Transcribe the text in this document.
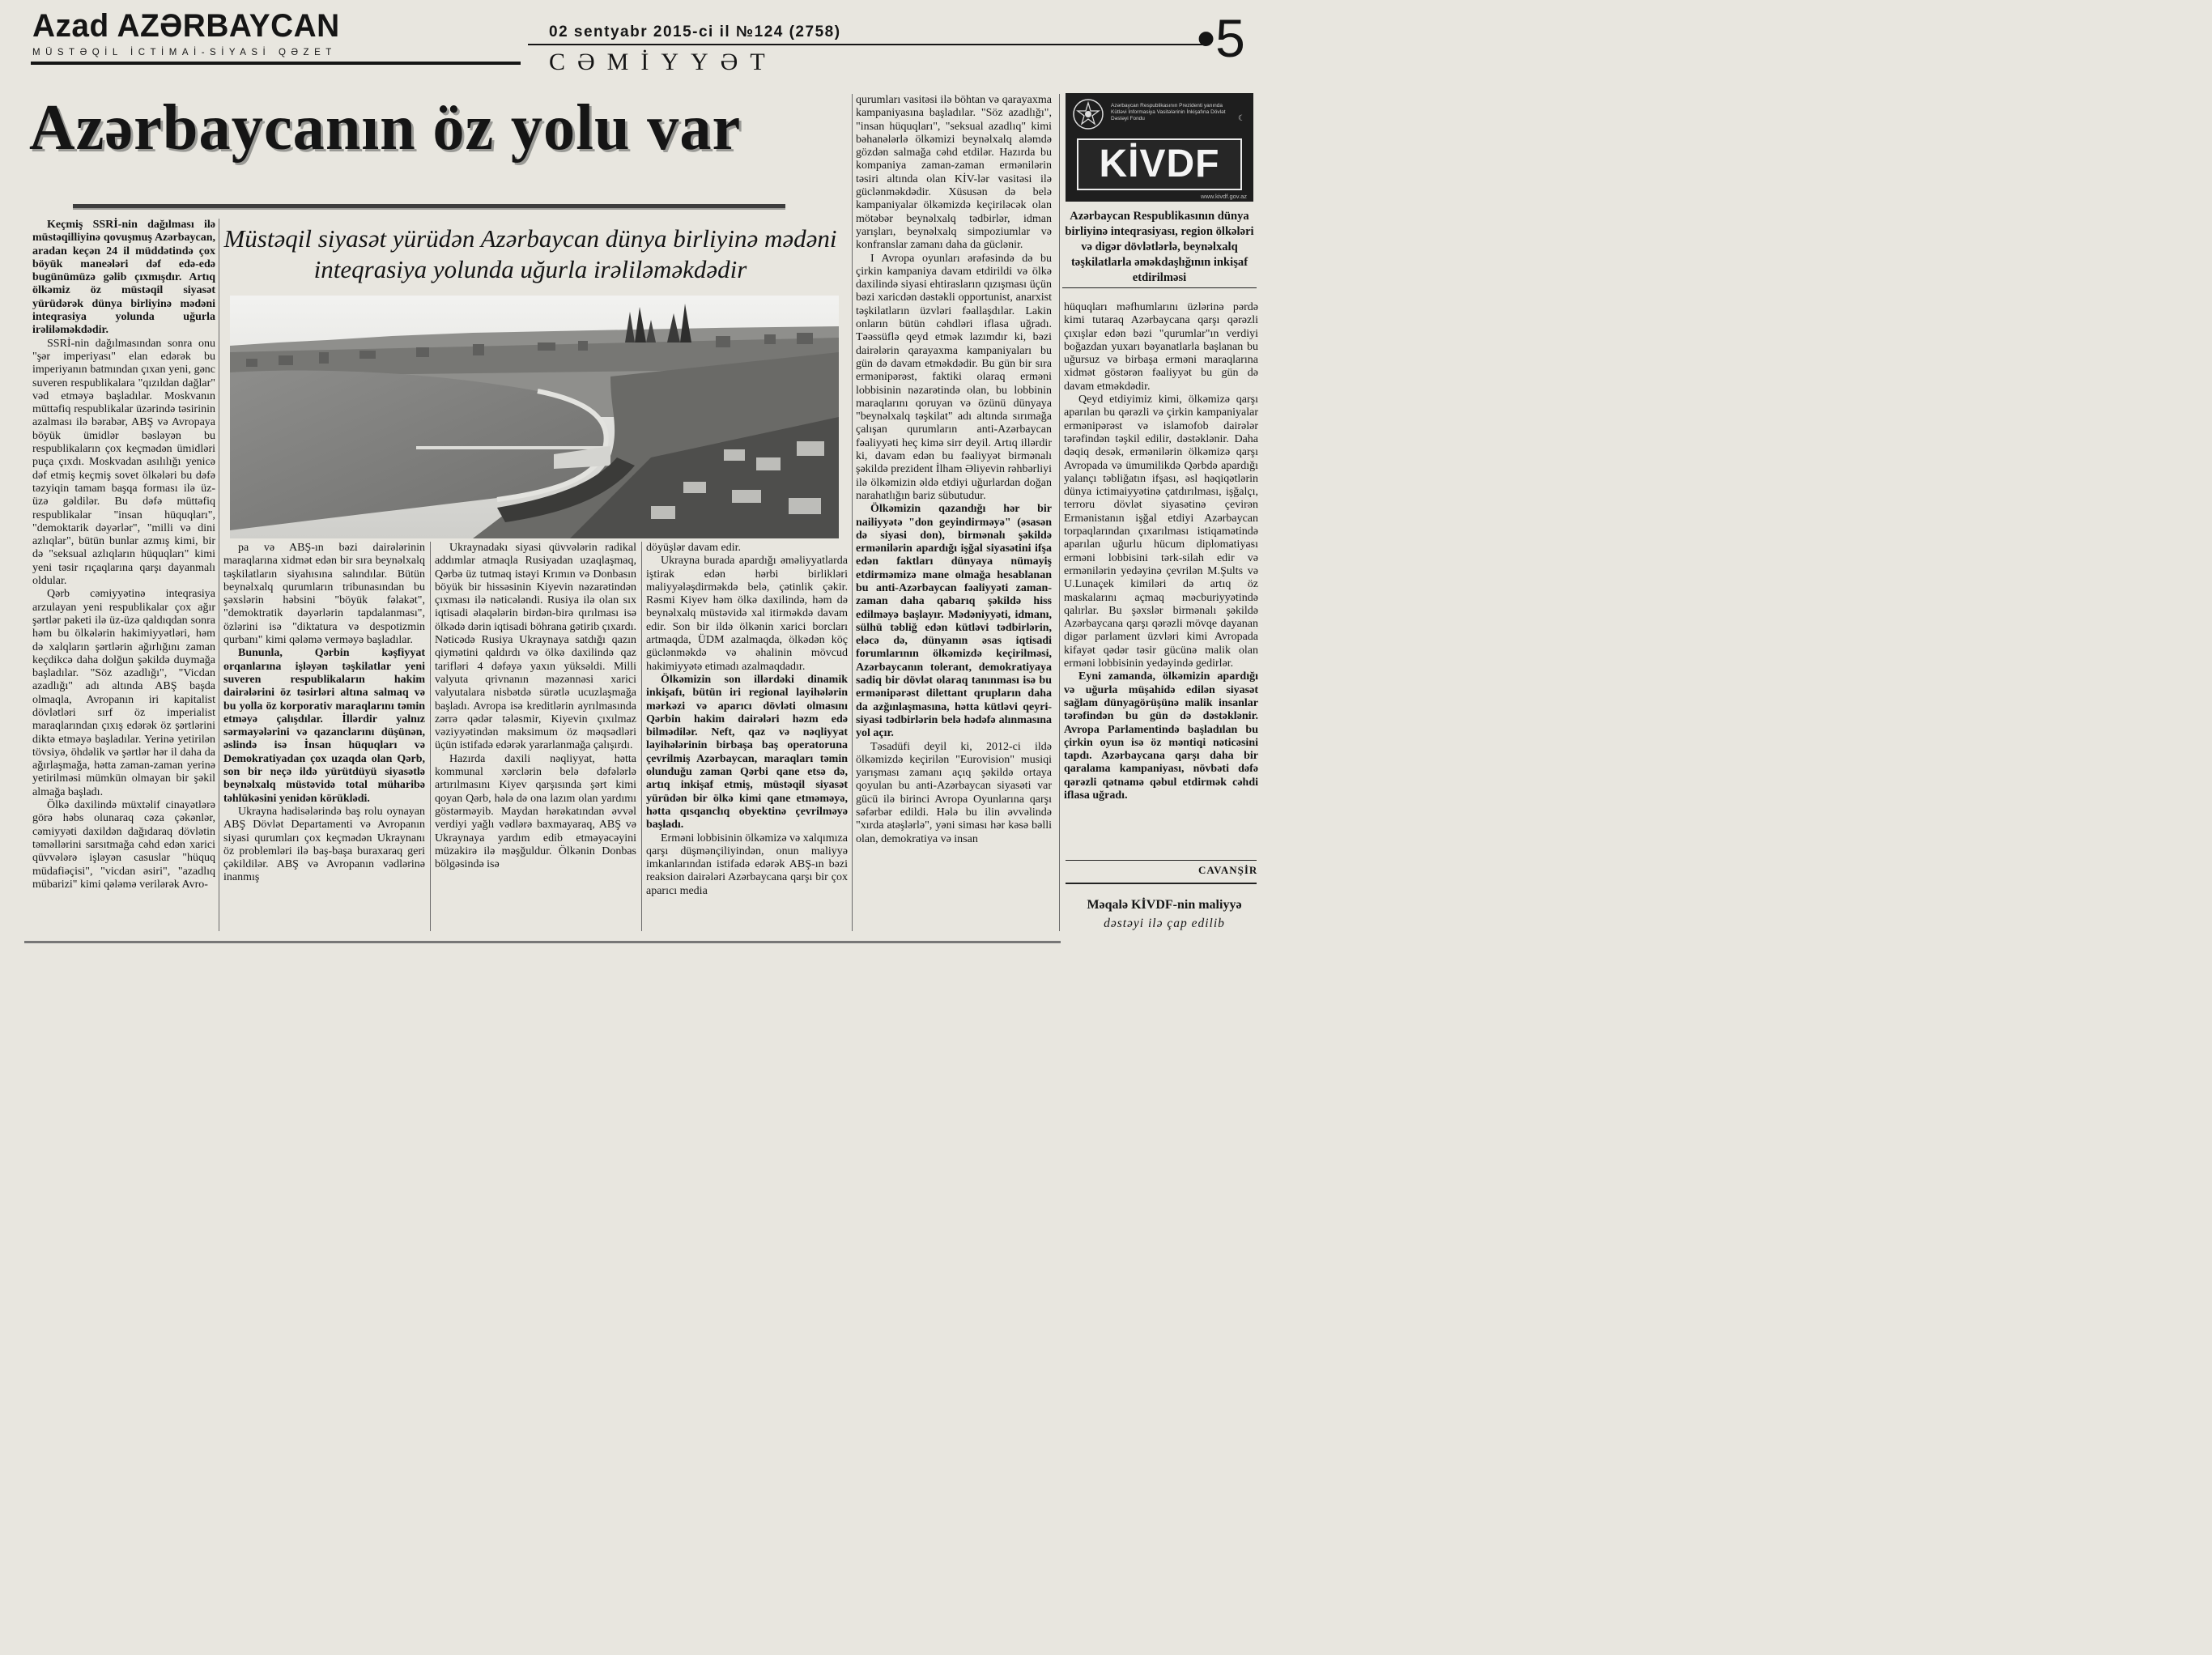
Azad AZƏRBAYCAN
MÜSTƏQİL İCTİMAİ-SİYASİ QƏZET
02 sentyabr 2015-ci il №124 (2758)
CƏMİYYƏT	•5
Azərbaycanın öz yolu var
Müstəqil siyasət yürüdən Azərbaycan dünya birliyinə mədəni inteqrasiya yolunda uğurla irəliləməkdədir

Keçmiş SSRİ-nin dağılması ilə müstəqilliyinə qovuşmuş Azərbaycan, aradan keçən 24 il müddətində çox böyük maneələri dəf edə-edə bugünümüzə gəlib çıxmışdır. Artıq ölkəmiz öz müstəqil siyasət yürüdərək dünya birliyinə mədəni inteqrasiya yolunda uğurla irəliləməkdədir.

SSRİ-nin dağılmasından sonra onu "şər imperiyası" elan edərək bu imperiyanın batmından çıxan yeni, gənc suveren respublikalara "qızıldan dağlar" vəd etməyə başladılar. Moskvanın müttəfiq respublikalar üzərində təsirinin azalması ilə bərabər, ABŞ və Avropaya böyük ümidlər bəsləyən bu respublikaların çox keçmədən ümidləri puça çıxdı. Moskvadan asılılığı yenicə dəf etmiş keçmiş sovet ölkələri bu dəfə təzyiqin tamam başqa forması ilə üz-üzə gəldilər. Bu dəfə müttəfiq respublikalar "insan hüquqları", "demoktarik dəyərlər", "milli və dini azlıqlar", bütün bunlar azmış kimi, bir də "seksual azlıqların hüquqları" kimi yeni təsir rıçaqlarına qarşı dayanmalı oldular.

Qərb cəmiyyətinə inteqrasiya arzulayan yeni respublikalar çox ağır şərtlər paketi ilə üz-üzə qaldıqdan sonra həm bu ölkələrin hakimiyyətləri, həm də xalqların şərtlərin ağırlığını zaman keçdikcə daha dolğun şəkildə duymağa başladılar. "Söz azadlığı", "Vicdan azadlığı" adı altında ABŞ başda olmaqla, Avropanın iri kapitalist dövlətləri sırf öz imperialist maraqlarından çıxış edərək öz şərtlərini diktə etməyə başladılar. Yerinə yetirilən tövsiyə, öhdəlik və şərtlər hər il daha da ağırlaşmağa, hətta zaman-zaman yerinə yetirilməsi mümkün olmayan bir şəkil almağa başladı.

Ölkə daxilində müxtəlif cinayətlərə görə həbs olunaraq cəza çəkənlər, cəmiyyəti daxildən dağıdaraq dövlətin təməllərini sarsıtmağa cəhd edən xarici qüvvələrə işləyən casuslar "hüquq müdafiəçisi", "vicdan əsiri", "azadlıq mübarizi" kimi qələmə verilərək Avro-

pa və ABŞ-ın bəzi dairələrinin maraqlarına xidmət edən bir sıra beynəlxalq təşkilatların siyahısına salındılar. Bütün beynəlxalq qurumların tribunasından bu şəxslərin həbsini "böyük fəlakət", "demoktratik dəyərlərin tapdalanması", özlərini isə "diktatura və despotizmin qurbanı" kimi qələmə verməyə başladılar.

Bununla, Qərbin kəşfiyyat orqanlarına işləyən təşkilatlar yeni suveren respublikaların hakim dairələrini öz təsirləri altına salmaq və bu yolla öz korporativ maraqlarını təmin etməyə çalışdılar. İllərdir yalnız sərmayələrini və qazanclarını düşünən, əslində isə İnsan hüquqları və Demokratiyadan çox uzaqda olan Qərb, son bir neçə ildə yürütdüyü siyasətlə beynəlxalq müstəvidə total müharibə təhlükəsini yenidən körüklədi.

Ukrayna hadisələrində baş rolu oynayan ABŞ Dövlət Departamenti və Avropanın siyasi qurumları çox keçmədən Ukraynanı öz problemləri ilə baş-başa buraxaraq geri çəkildilər. ABŞ və Avropanın vədlərinə inanmış

Ukraynadakı siyasi qüvvələrin radikal addımlar atmaqla Rusiyadan uzaqlaşmaq, Qərbə üz tutmaq istəyi Krımın və Donbasın böyük bir hissəsinin Kiyevin nəzarətindən çıxması ilə nəticələndi. Rusiya ilə olan sıx iqtisadi əlaqələrin birdən-birə qırılması isə ölkədə dərin iqtisadi böhrana gətirib çıxardı. Nəticədə Rusiya Ukraynaya satdığı qazın qiymətini qaldırdı və ölkə daxilində qaz tarifləri 4 dəfəyə yaxın yüksəldi. Milli valyuta qrivnanın məzənnəsi xarici valyutalara nisbətdə sürətlə ucuzlaşmağa başladı. Avropa isə kreditlərin ayrılmasında zərrə qədər tələsmir, Kiyevin çıxılmaz vəziyyətindən maksimum öz məqsədləri üçün istifadə edərək yararlanmağa çalışırdı.

Hazırda daxili nəqliyyat, hətta kommunal xərclərin belə dəfələrlə artırılmasını Kiyev qarşısında şərt kimi qoyan Qərb, hələ də ona lazım olan yardımı göstərməyib. Maydan hərəkatından əvvəl verdiyi yağlı vədlərə baxmayaraq, ABŞ və Ukraynaya yardım edib etməyəcəyini müzakirə ilə məşğuldur. Ölkənin Donbas bölgəsində isə

döyüşlər davam edir.

Ukrayna burada apardığı əməliyyatlarda iştirak edən hərbi birlikləri maliyyələşdirməkdə belə, çətinlik çəkir. Rəsmi Kiyev həm ölkə daxilində, həm də beynəlxalq müstəvidə xal itirməkdə davam edir. Son bir ildə ölkənin xarici borcları artmaqda, ÜDM azalmaqda, ölkədən köç güclənməkdə və əhalinin mövcud hakimiyyətə etimadı azalmaqdadır.

Ölkəmizin son illərdəki dinamik inkişafı, bütün iri regional layihələrin mərkəzi və aparıcı dövləti olmasını Qərbin hakim dairələri həzm edə bilmədilər. Neft, qaz və nəqliyyat layihələrinin birbaşa baş operatoruna çevrilmiş Azərbaycan, maraqları təmin olunduğu zaman Qərbi qane etsə də, artıq inkişaf etmiş, müstəqil siyasət yürüdən bir ölkə kimi qane etməməyə, hətta qısqanclıq obyektinə çevrilməyə başladı.

Erməni lobbisinin ölkəmizə və xalqımıza qarşı düşmənçiliyindən, onun maliyyə imkanlarından istifadə edərək ABŞ-ın bəzi reaksion dairələri Azərbaycana qarşı bir çox aparıcı media

qurumları vasitəsi ilə böhtan və qarayaxma kampaniyasına başladılar. "Söz azadlığı", "insan hüquqları", "seksual azadlıq" kimi bəhanələrlə ölkəmizi beynəlxalq aləmdə gözdən salmağa cəhd etdilər. Hazırda bu kompaniya zaman-zaman ermənilərin təsiri altında olan KİV-lər vasitəsi ilə güclənməkdədir. Xüsusən də belə kampaniyalar ölkəmizdə keçiriləcək olan mötəbər beynəlxalq tədbirlər, idman yarışları, beynəlxalq simpoziumlar və konfranslar zamanı daha da güclənir.

I Avropa oyunları ərəfəsində də bu çirkin kampaniya davam etdirildi və ölkə daxilində siyasi ehtirasların qızışması üçün bəzi xaricdən dəstəkli opportunist, anarxist təşkilatların üzvləri fəallaşdılar. Lakin onların bütün cəhdləri iflasa uğradı. Təəssüflə qeyd etmək lazımdır ki, bəzi dairələrin qarayaxma kampaniyaları bu gün də davam etməkdədir. Bu gün bir sıra ermənipərəst, faktiki olaraq erməni lobbisinin nəzarətində olan, bu lobbinin maraqlarını qoruyan və özünü dünyaya "beynəlxalq təşkilat" adı altında sırımağa çalışan qurumların anti-Azərbaycan fəaliyyəti heç kimə sirr deyil. Artıq illərdir ki, davam edən bu fəaliyyət birmənalı şəkildə prezident İlham Əliyevin rəhbərliyi ilə ölkəmizin əldə etdiyi uğurlardan doğan narahatlığın bariz sübutudur.

Ölkəmizin qazandığı hər bir nailiyyətə "don geyindirməyə" (əsasən də siyasi don), birmənalı şəkildə ermənilərin apardığı işğal siyasətini ifşa edən faktları dünyaya nümayiş etdirməmizə mane olmağa hesablanan bu anti-Azərbaycan fəaliyyəti zaman-zaman daha qabarıq şəkildə hiss edilməyə başlayır. Mədəniyyəti, idmanı, sülhü təbliğ edən kütləvi tədbirlərin, eləcə də, dünyanın əsas iqtisadi forumlarının ölkəmizdə keçirilməsi, Azərbaycanın tolerant, demokratiyaya sadiq bir dövlət olaraq tanınması isə bu ermənipərəst dilettant qrupların daha da azğınlaşmasına, hətta kütləvi qeyri-siyasi tədbirlərin belə hədəfə alınmasına yol açır.

Təsadüfi deyil ki, 2012-ci ildə ölkəmizdə keçirilən "Eurovision" musiqi yarışması zamanı açıq şəkildə ortaya qoyulan bu anti-Azərbaycan siyasəti var gücü ilə birinci Avropa Oyunlarına qarşı səfərbər edildi. Hələ bu ilin əvvəlində "xırda atəşlərlə", yəni siması hər kəsə bəlli olan, demokratiya və insan

hüquqları məfhumlarını üzlərinə pərdə kimi tutaraq Azərbaycana qarşı qərəzli çıxışlar edən bəzi "qurumlar"ın verdiyi boğazdan yuxarı bəyanatlarla başlanan bu uğursuz və birbaşa erməni maraqlarına xidmət göstərən fəaliyyət bu gün də davam etməkdədir.

Qeyd etdiyimiz kimi, ölkəmizə qarşı aparılan bu qərəzli və çirkin kampaniyalar ermənipərəst və islamofob dairələr tərəfindən təşkil edilir, dəstəklənir. Daha dəqiq desək, ermənilərin ölkəmizə qarşı Avropada və ümumilikdə Qərbdə apardığı yalançı təbliğatın ifşası, əsl həqiqətlərin dünya ictimaiyyətinə çatdırılması, işğalçı, terroru dövlət siyasətinə çevirən Ermənistanın işğal etdiyi Azərbaycan torpaqlarından çıxarılması istiqamətində aparılan uğurlu hücum diplomatiyası erməni lobbisini tərk-silah edir və ermənilərin yedəyinə çevrilən M.Şults və U.Lunaçek kimiləri də artıq öz maskalarını açmaq məcburiyyətində qalırlar. Bu şəxslər birmənalı şəkildə Azərbaycana qarşı qərəzli mövqe dayanan digər parlament üzvləri kimi Avropada kifayət qədər təsir gücünə malik olan erməni lobbisinin yedəyində gedirlər.

Eyni zamanda, ölkəmizin apardığı və uğurla müşahidə edilən siyasət sağlam dünyagörüşünə malik insanlar tərəfindən bu gün də dəstəklənir. Avropa Parlamentində başladılan bu çirkin oyun isə öz məntiqi nəticəsini tapdı. Azərbaycana qarşı daha bir qaralama kampaniyası, növbəti dəfə qərəzli qətnamə qəbul etdirmək cəhdi iflasa uğradı.

Azərbaycan Respublikasının Prezidenti yanında Kütləvi İnformasiya Vasitələrinin İnkişafına Dövlət Dəstəyi Fondu	☾
KİVDF
www.kivdf.gov.az
Azərbaycan Respublikasının dünya birliyinə inteqrasiyası, region ölkələri və digər dövlətlərlə, beynəlxalq təşkilatlarla əməkdaşlığının inkişaf etdirilməsi
CAVANŞİR
Məqalə KİVDF-nin maliyyə
dəstəyi ilə çap edilib
